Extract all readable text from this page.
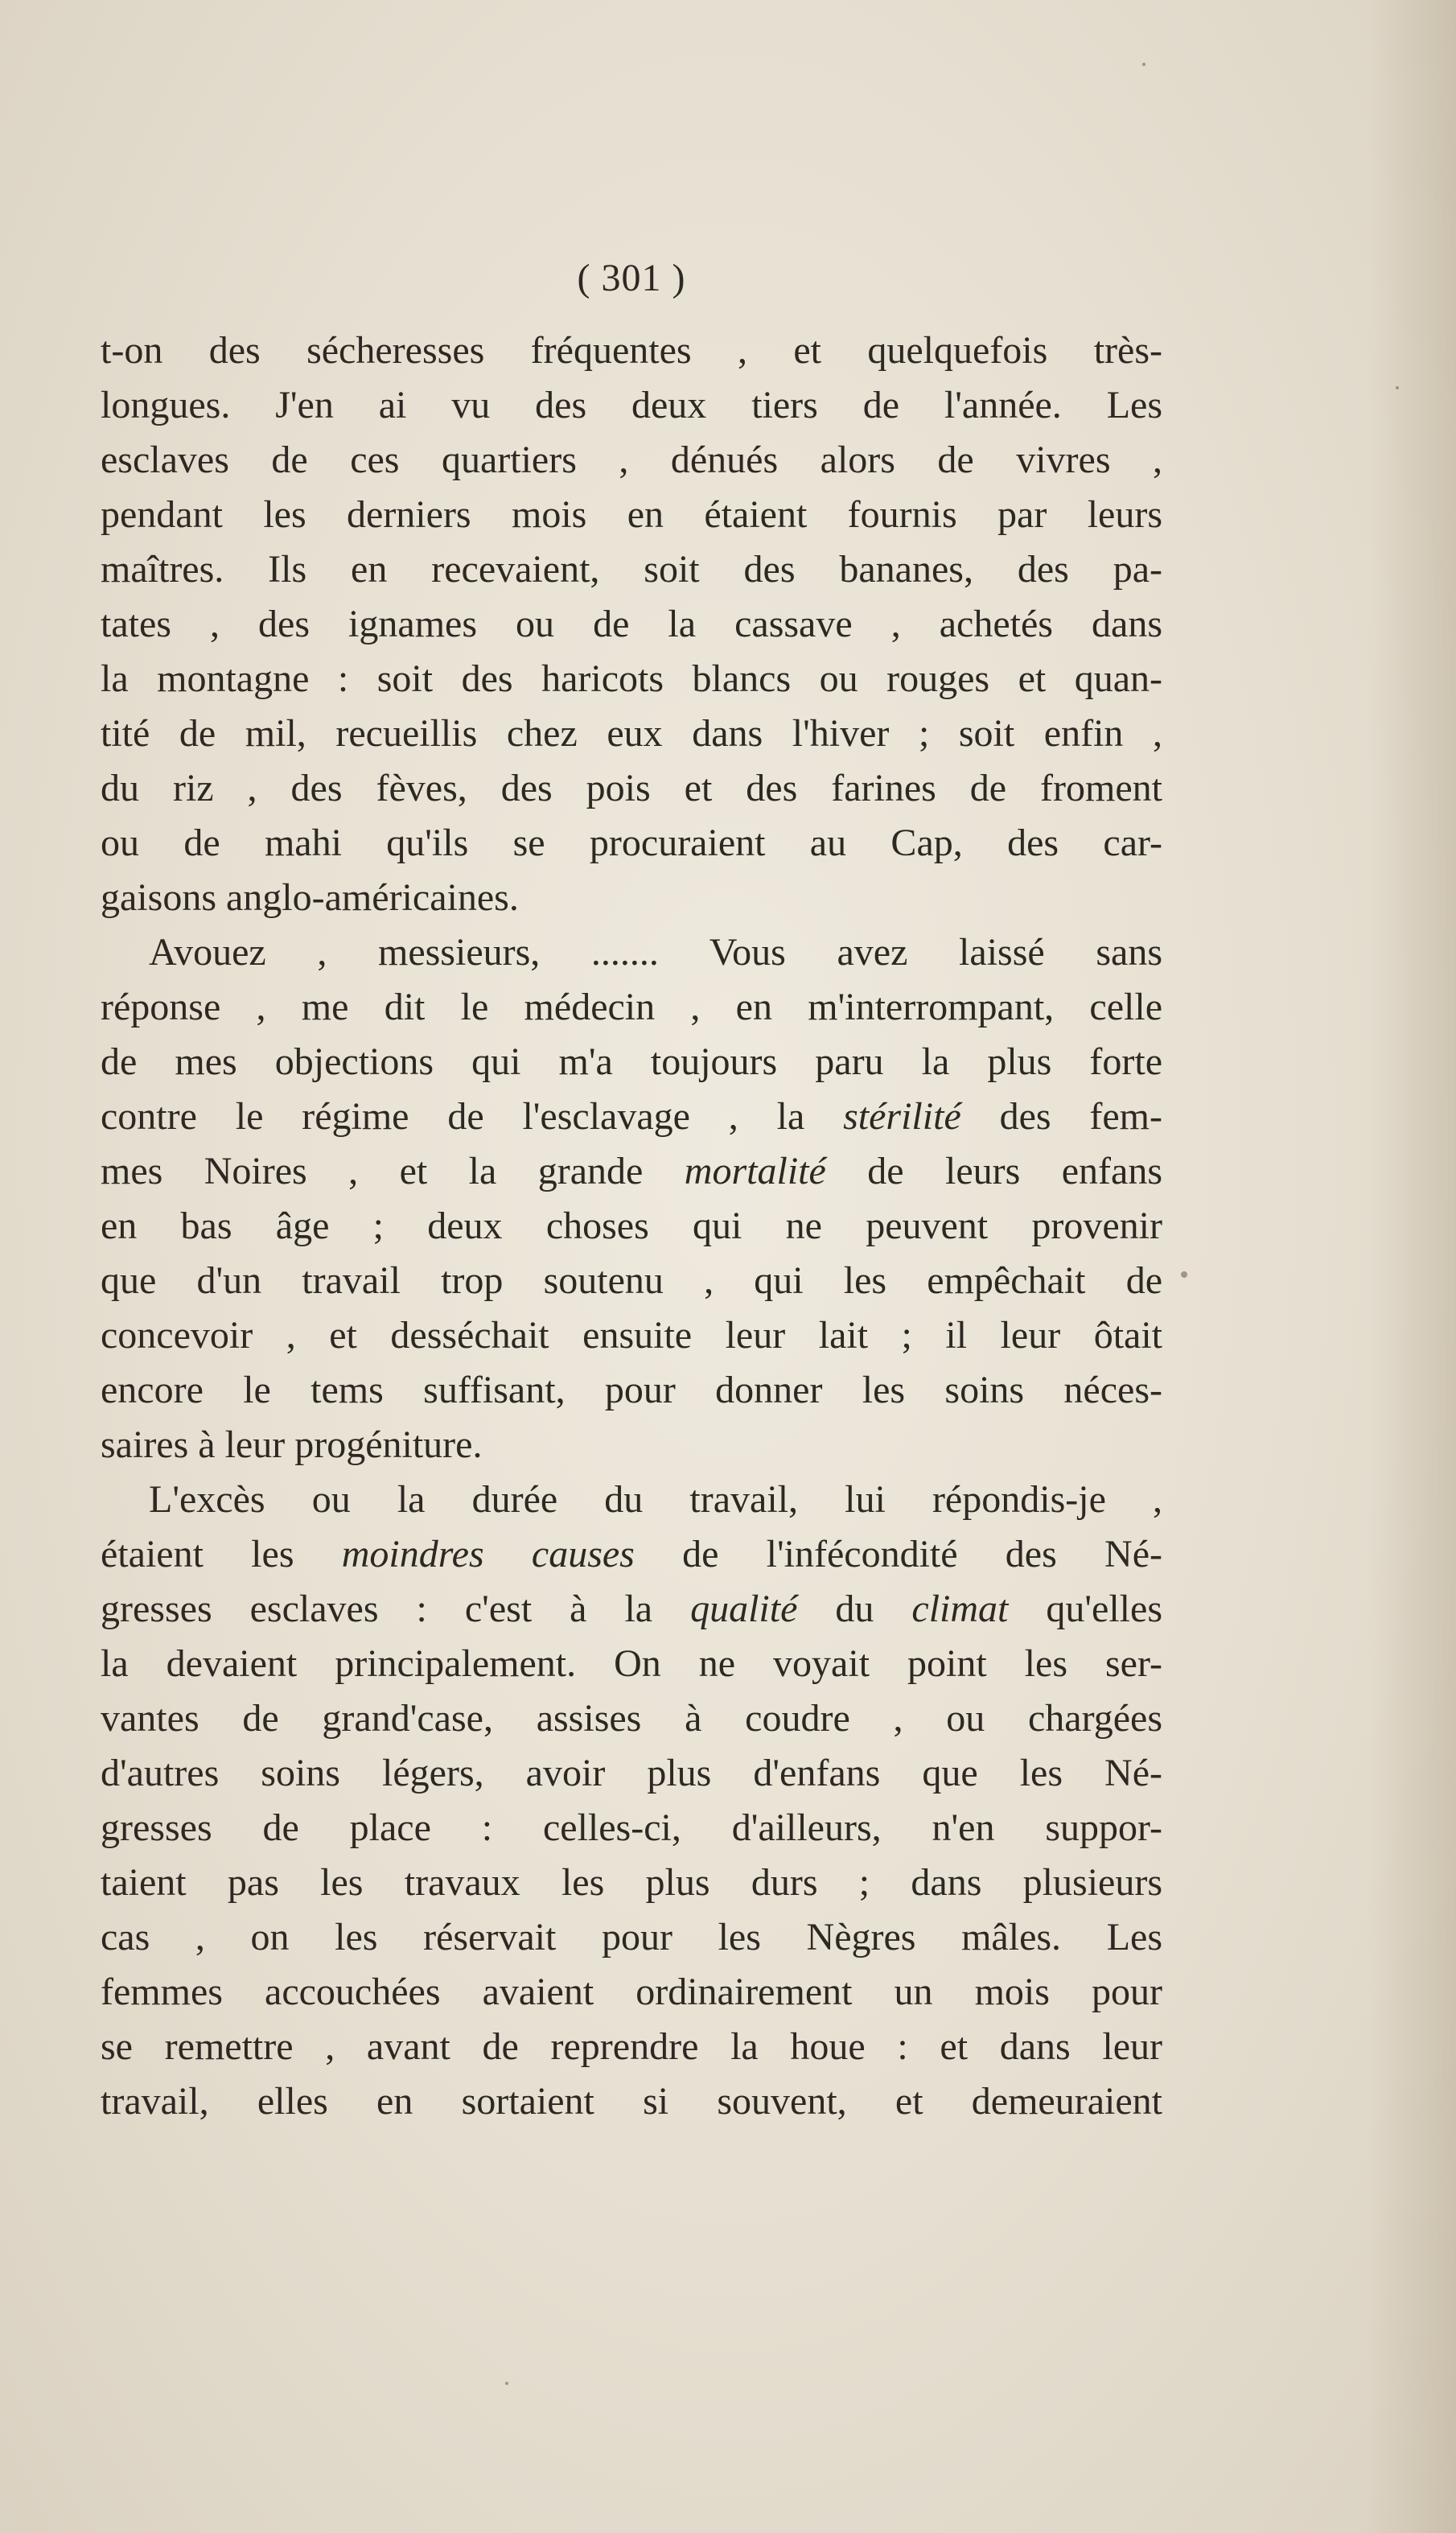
( 301 )
t-on des sécheresses fréquentes , et quelquefois très-
longues. J'en ai vu des deux tiers de l'année. Les
esclaves de ces quartiers , dénués alors de vivres ,
pendant les derniers mois en étaient fournis par leurs
maîtres. Ils en recevaient, soit des bananes, des pa-
tates , des ignames ou de la cassave , achetés dans
la montagne : soit des haricots blancs ou rouges et quan-
tité de mil, recueillis chez eux dans l'hiver ; soit enfin ,
du riz , des fèves, des pois et des farines de froment
ou de mahi qu'ils se procuraient au Cap, des car-
gaisons anglo-américaines.
Avouez , messieurs, ....... Vous avez laissé sans
réponse , me dit le médecin , en m'interrompant, celle
de mes objections qui m'a toujours paru la plus forte
contre le régime de l'esclavage , la stérilité des fem-
mes Noires , et la grande mortalité de leurs enfans
en bas âge ; deux choses qui ne peuvent provenir
que d'un travail trop soutenu , qui les empêchait de
concevoir , et desséchait ensuite leur lait ; il leur ôtait
encore le tems suffisant, pour donner les soins néces-
saires à leur progéniture.
L'excès ou la durée du travail, lui répondis-je ,
étaient les moindres causes de l'infécondité des Né-
gresses esclaves : c'est à la qualité du climat qu'elles
la devaient principalement. On ne voyait point les ser-
vantes de grand'case, assises à coudre , ou chargées
d'autres soins légers, avoir plus d'enfans que les Né-
gresses de place : celles-ci, d'ailleurs, n'en suppor-
taient pas les travaux les plus durs ; dans plusieurs
cas , on les réservait pour les Nègres mâles. Les
femmes accouchées avaient ordinairement un mois pour
se remettre , avant de reprendre la houe : et dans leur
travail, elles en sortaient si souvent, et demeuraient
